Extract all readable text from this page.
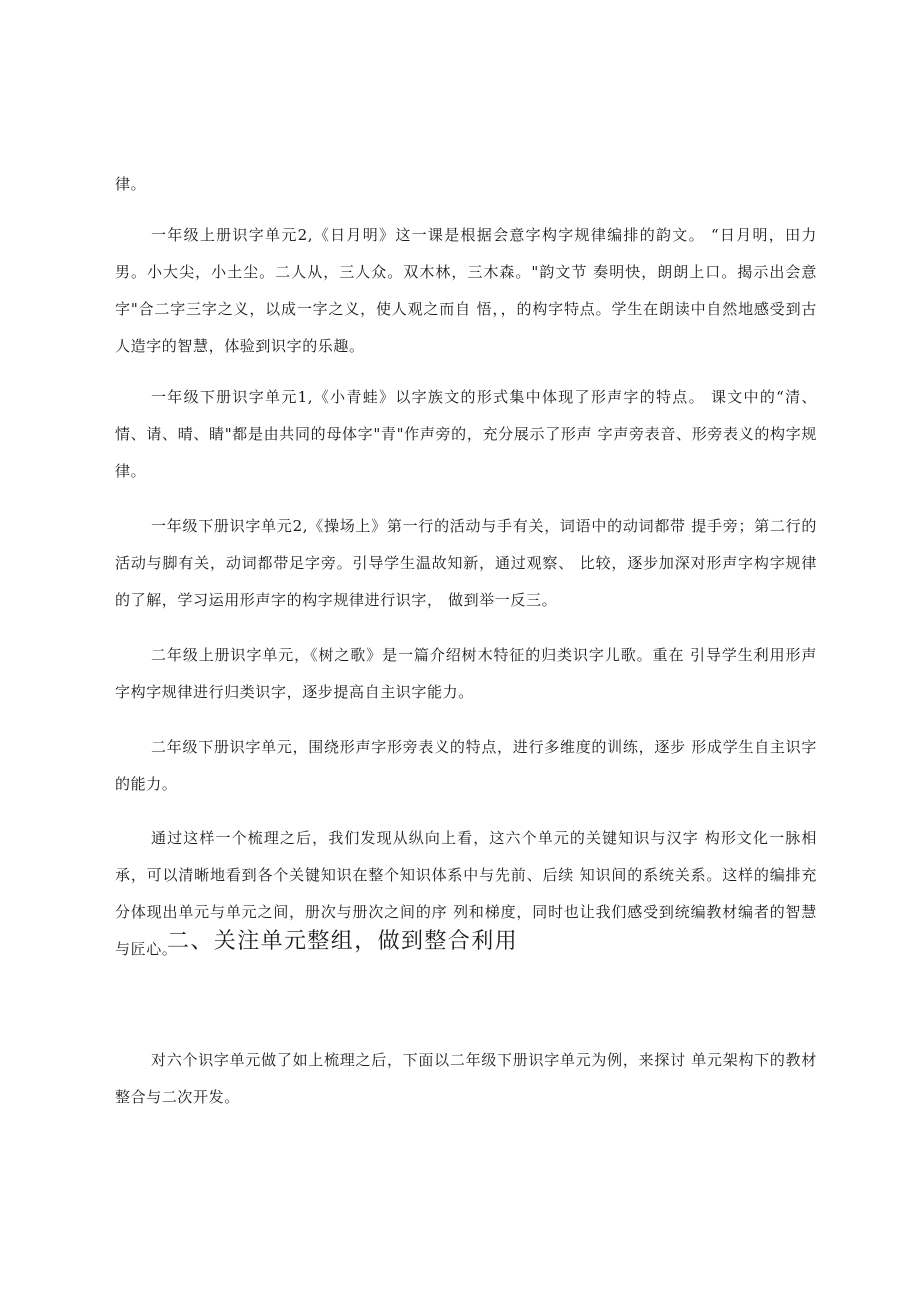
律。

一年级上册识字单元2,《日月明》这一课是根据会意字构字规律编排的韵文。 “日月明，田力男。小大尖，小土尘。二人从，三人众。双木林，三木森。"韵文节 奏明快，朗朗上口。揭示出会意字"合二字三字之义，以成一字之义，使人观之而自 悟，，的构字特点。学生在朗读中自然地感受到古人造字的智慧，体验到识字的乐趣。

一年级下册识字单元1,《小青蛙》以字族文的形式集中体现了形声字的特点。 课文中的“清、情、请、晴、睛"都是由共同的母体字"青"作声旁的，充分展示了形声 字声旁表音、形旁表义的构字规律。

一年级下册识字单元2,《操场上》第一行的活动与手有关，词语中的动词都带 提手旁；第二行的活动与脚有关，动词都带足字旁。引导学生温故知新，通过观察、 比较，逐步加深对形声字构字规律的了解，学习运用形声字的构字规律进行识字， 做到举一反三。

二年级上册识字单元，《树之歌》是一篇介绍树木特征的归类识字儿歌。重在 引导学生利用形声字构字规律进行归类识字，逐步提高自主识字能力。

二年级下册识字单元，围绕形声字形旁表义的特点，进行多维度的训练，逐步 形成学生自主识字的能力。

通过这样一个梳理之后，我们发现从纵向上看，这六个单元的关键知识与汉字 构形文化一脉相承，可以清晰地看到各个关键知识在整个知识体系中与先前、后续 知识间的系统关系。这样的编排充分体现出单元与单元之间，册次与册次之间的序 列和梯度，同时也让我们感受到统编教材编者的智慧与匠心。

二、关注单元整组，做到整合利用

对六个识字单元做了如上梳理之后，下面以二年级下册识字单元为例，来探讨 单元架构下的教材整合与二次开发。
